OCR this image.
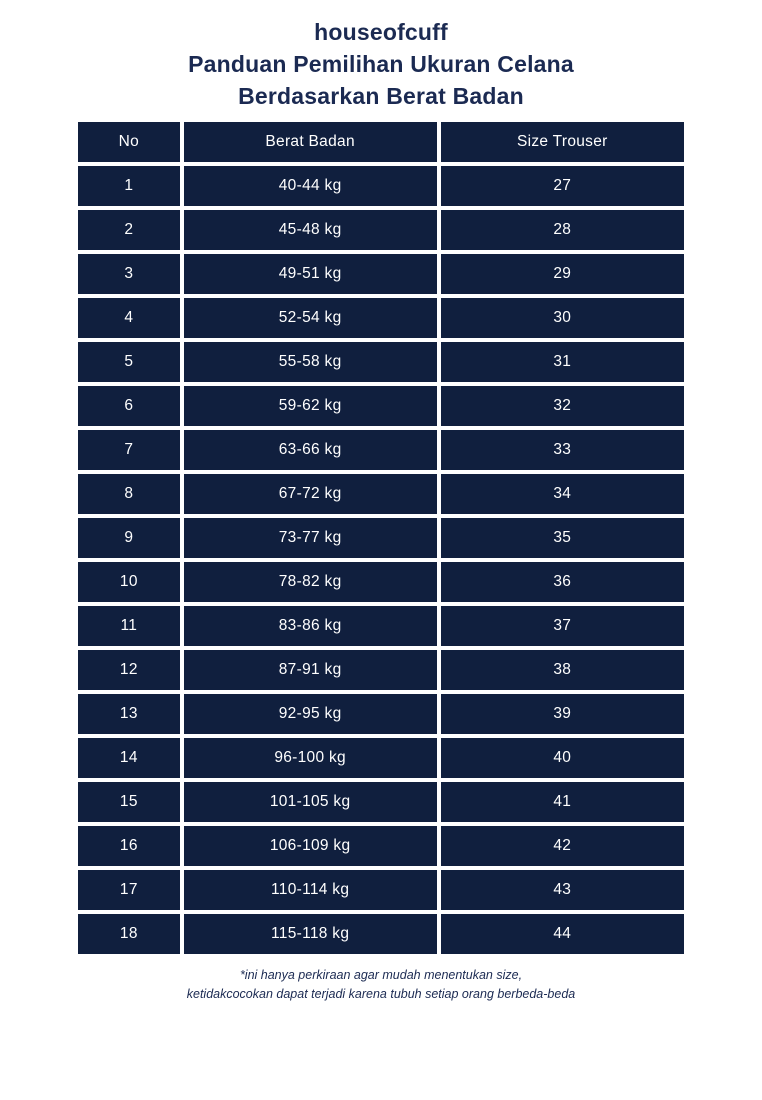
houseofcuff
Panduan Pemilihan Ukuran Celana
Berdasarkan Berat Badan
No	Berat Badan	Size Trouser
1	40-44 kg	27
2	45-48 kg	28
3	49-51 kg	29
4	52-54 kg	30
5	55-58 kg	31
6	59-62 kg	32
7	63-66 kg	33
8	67-72 kg	34
9	73-77 kg	35
10	78-82 kg	36
11	83-86 kg	37
12	87-91 kg	38
13	92-95 kg	39
14	96-100 kg	40
15	101-105 kg	41
16	106-109 kg	42
17	110-114 kg	43
18	115-118 kg	44
*ini hanya perkiraan agar mudah menentukan size,
ketidakcocokan dapat terjadi karena tubuh setiap orang berbeda-beda
